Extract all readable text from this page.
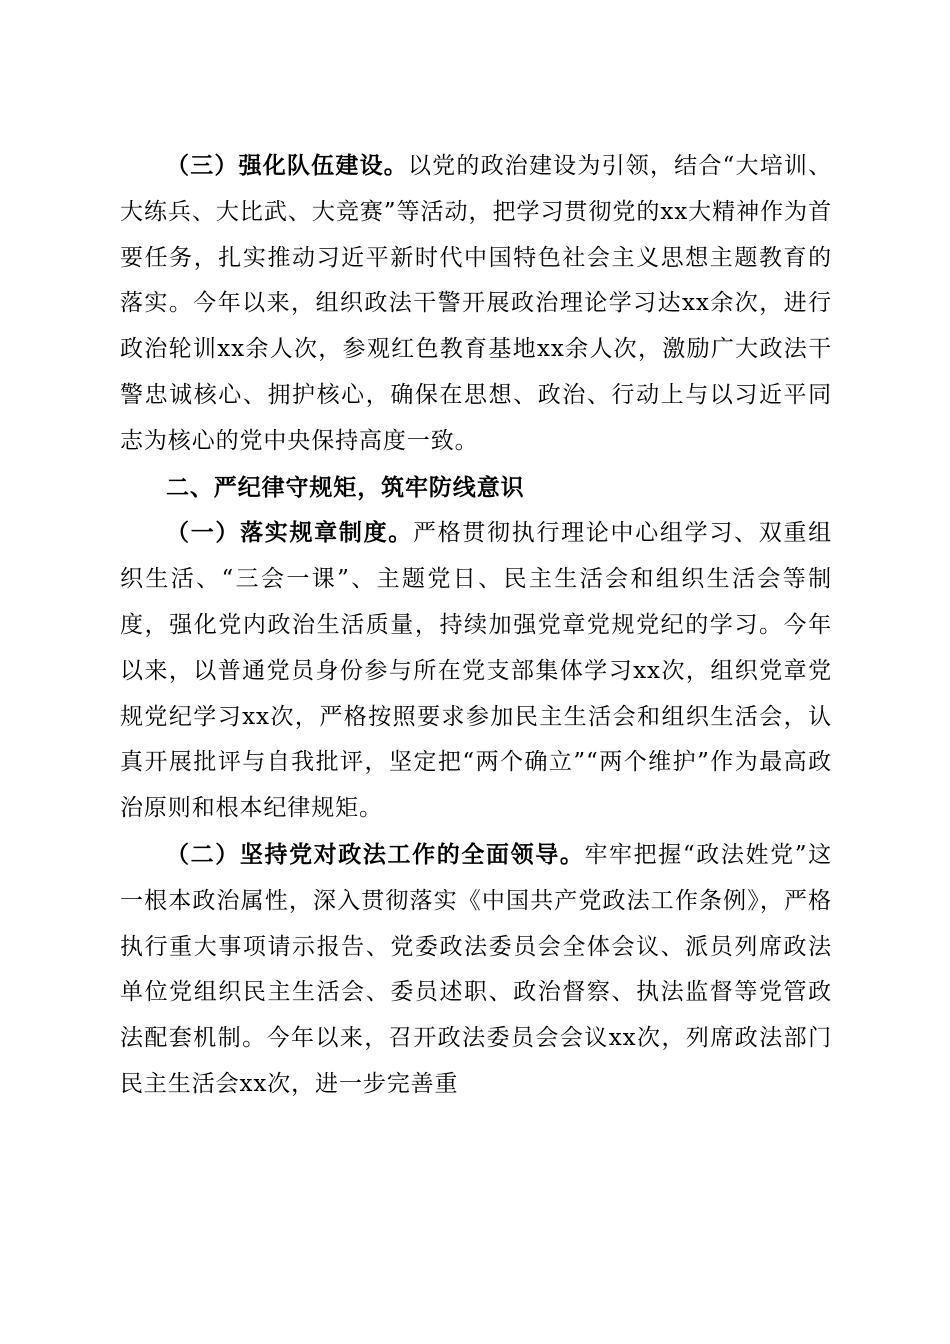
（三）强化队伍建设。以党的政治建设为引领，结合“大培训、大练兵、大比武、大竞赛”等活动，把学习贯彻党的xx大精神作为首要任务，扎实推动习近平新时代中国特色社会主义思想主题教育的落实。今年以来，组织政法干警开展政治理论学习达xx余次，进行政治轮训xx余人次，参观红色教育基地xx余人次，激励广大政法干警忠诚核心、拥护核心，确保在思想、政治、行动上与以习近平同志为核心的党中央保持高度一致。

二、严纪律守规矩，筑牢防线意识

（一）落实规章制度。严格贯彻执行理论中心组学习、双重组织生活、“三会一课”、主题党日、民主生活会和组织生活会等制度，强化党内政治生活质量，持续加强党章党规党纪的学习。今年以来，以普通党员身份参与所在党支部集体学习xx次，组织党章党规党纪学习xx次，严格按照要求参加民主生活会和组织生活会，认真开展批评与自我批评，坚定把“两个确立”“两个维护”作为最高政治原则和根本纪律规矩。

（二）坚持党对政法工作的全面领导。牢牢把握“政法姓党”这一根本政治属性，深入贯彻落实《中国共产党政法工作条例》，严格执行重大事项请示报告、党委政法委员会全体会议、派员列席政法单位党组织民主生活会、委员述职、政治督察、执法监督等党管政法配套机制。今年以来，召开政法委员会会议xx次，列席政法部门民主生活会xx次，进一步完善重
